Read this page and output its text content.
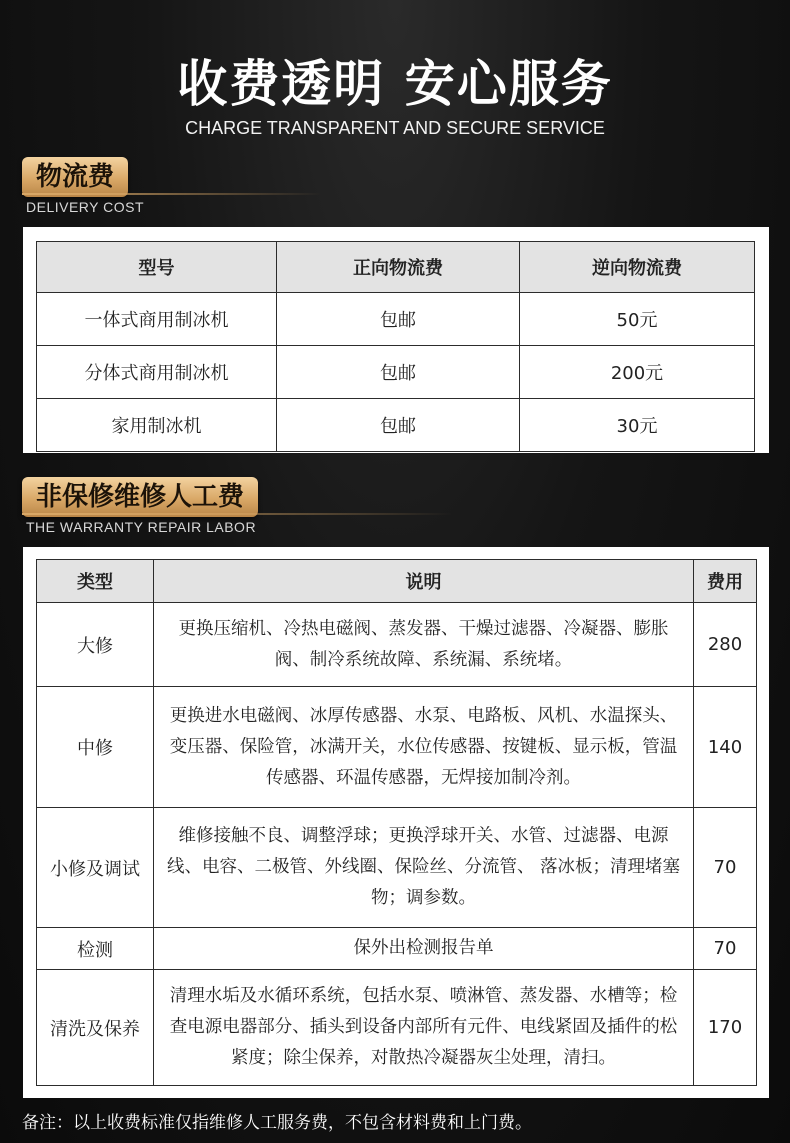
收费透明 安心服务
CHARGE TRANSPARENT AND SECURE SERVICE
物流费
DELIVERY COST
型号	正向物流费	逆向物流费
一体式商用制冰机	包邮	50元
分体式商用制冰机	包邮	200元
家用制冰机	包邮	30元
非保修维修人工费
THE WARRANTY REPAIR LABOR
类型	说明	费用
大修	更换压缩机、冷热电磁阀、蒸发器、干燥过滤器、冷凝器、膨胀阀、制冷系统故障、系统漏、系统堵。	280
中修	更换进水电磁阀、冰厚传感器、水泵、电路板、风机、水温探头、变压器、保险管，冰满开关，水位传感器、按键板、显示板，管温传感器、环温传感器，无焊接加制冷剂。	140
小修及调试	维修接触不良、调整浮球；更换浮球开关、水管、过滤器、电源线、电容、二极管、外线圈、保险丝、分流管、 落冰板；清理堵塞物；调参数。	70
检测	保外出检测报告单	70
清洗及保养	清理水垢及水循环系统，包括水泵、喷淋管、蒸发器、水槽等；检查电源电器部分、插头到设备内部所有元件、电线紧固及插件的松紧度；除尘保养，对散热冷凝器灰尘处理，清扫。	170
备注：以上收费标准仅指维修人工服务费，不包含材料费和上门费。
